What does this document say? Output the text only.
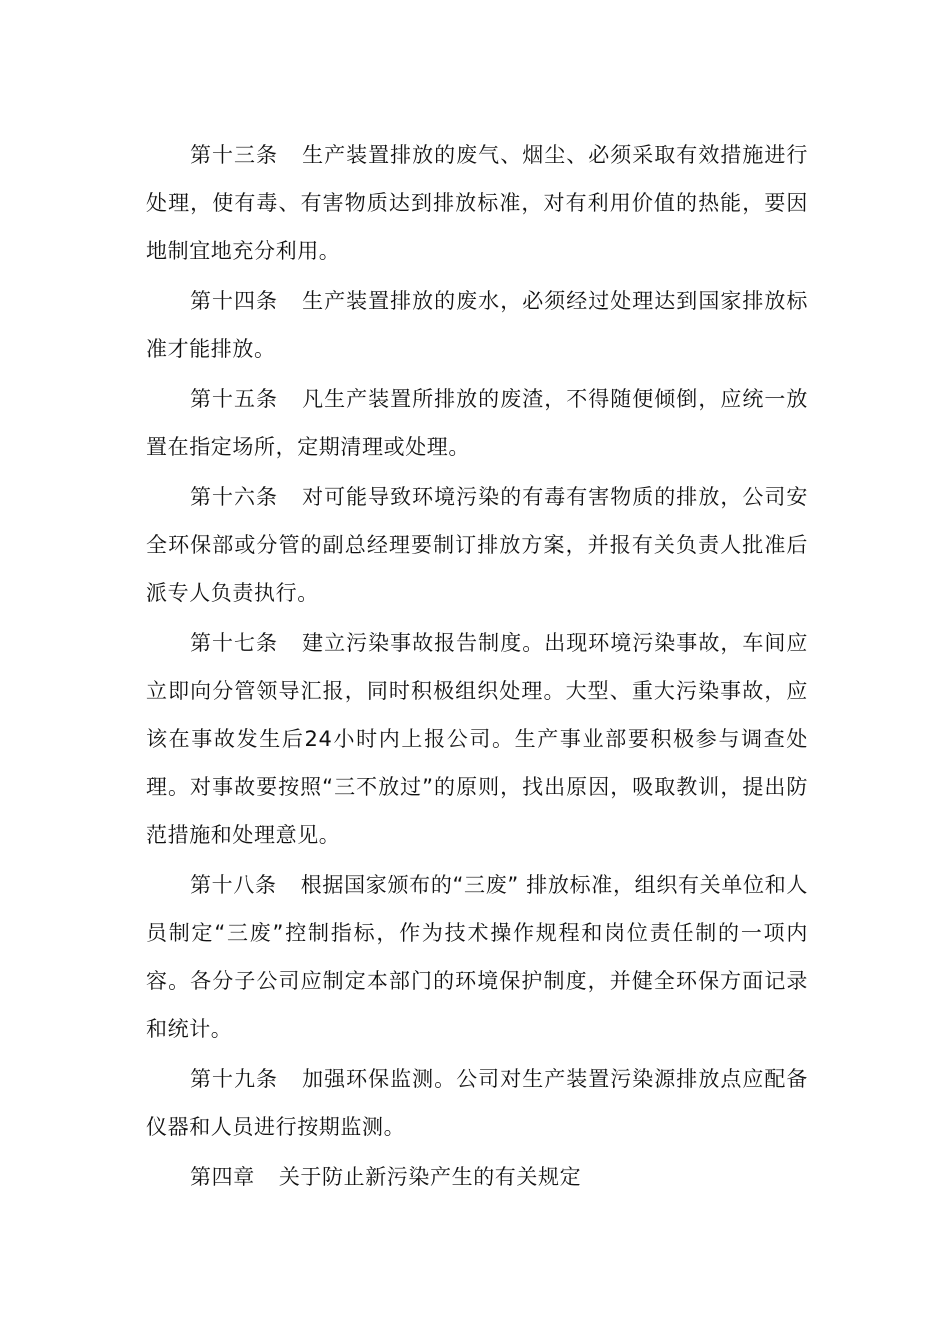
第十三条 生产装置排放的废气、烟尘、必须采取有效措施进行处理，使有毒、有害物质达到排放标准，对有利用价值的热能，要因地制宜地充分利用。

第十四条 生产装置排放的废水，必须经过处理达到国家排放标准才能排放。

第十五条 凡生产装置所排放的废渣，不得随便倾倒，应统一放置在指定场所，定期清理或处理。

第十六条 对可能导致环境污染的有毒有害物质的排放，公司安全环保部或分管的副总经理要制订排放方案，并报有关负责人批准后派专人负责执行。

第十七条 建立污染事故报告制度。出现环境污染事故，车间应立即向分管领导汇报，同时积极组织处理。大型、重大污染事故，应该在事故发生后24小时内上报公司。生产事业部要积极参与调查处理。对事故要按照“三不放过”的原则，找出原因，吸取教训，提出防范措施和处理意见。

第十八条 根据国家颁布的“三废” 排放标准，组织有关单位和人员制定“三废”控制指标，作为技术操作规程和岗位责任制的一项内容。各分子公司应制定本部门的环境保护制度，并健全环保方面记录和统计。

第十九条 加强环保监测。公司对生产装置污染源排放点应配备仪器和人员进行按期监测。

第四章 关于防止新污染产生的有关规定
